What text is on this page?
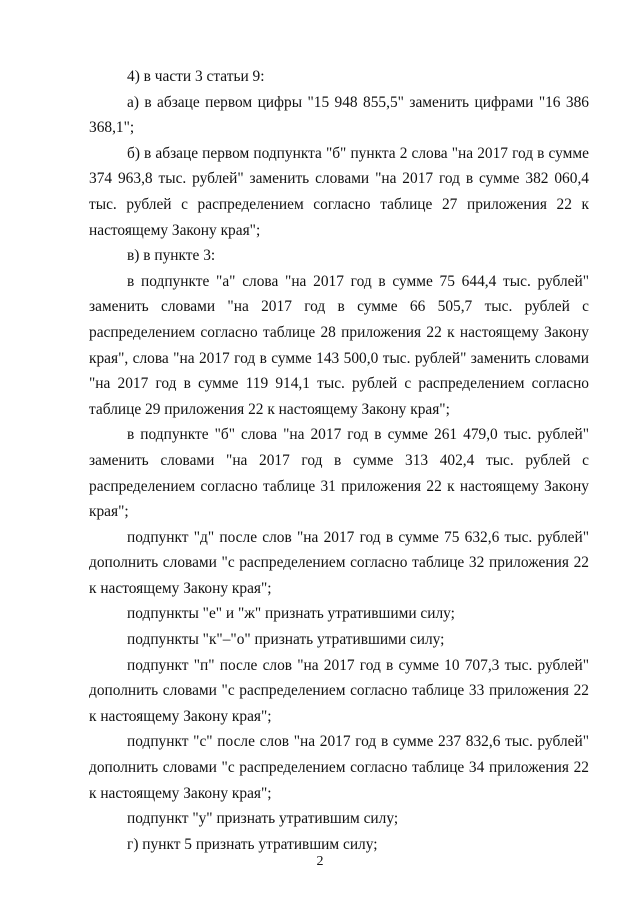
4) в части 3 статьи 9:

а) в абзаце первом цифры "15 948 855,5" заменить цифрами "16 386 368,1";

б) в абзаце первом подпункта "б" пункта 2 слова "на 2017 год в сумме 374 963,8 тыс. рублей" заменить словами "на 2017 год в сумме 382 060,4 тыс. рублей с распределением согласно таблице 27 приложения 22 к настоящему Закону края";

в) в пункте 3:

в подпункте "а" слова "на 2017 год в сумме 75 644,4 тыс. рублей" заменить словами "на 2017 год в сумме 66 505,7 тыс. рублей с распределением согласно таблице 28 приложения 22 к настоящему Закону края", слова "на 2017 год в сумме 143 500,0 тыс. рублей" заменить словами "на 2017 год в сумме 119 914,1 тыс. рублей с распределением согласно таблице 29 приложения 22 к настоящему Закону края";

в подпункте "б" слова "на 2017 год в сумме 261 479,0 тыс. рублей" заменить словами "на 2017 год в сумме 313 402,4 тыс. рублей с распределением согласно таблице 31 приложения 22 к настоящему Закону края";

подпункт "д" после слов "на 2017 год в сумме 75 632,6 тыс. рублей" дополнить словами "с распределением согласно таблице 32 приложения 22 к настоящему Закону края";

подпункты "е" и "ж" признать утратившими силу;

подпункты "к"–"о" признать утратившими силу;

подпункт "п" после слов "на 2017 год в сумме 10 707,3 тыс. рублей" дополнить словами "с распределением согласно таблице 33 приложения 22 к настоящему Закону края";

подпункт "с" после слов "на 2017 год в сумме 237 832,6 тыс. рублей" дополнить словами "с распределением согласно таблице 34 приложения 22 к настоящему Закону края";

подпункт "у" признать утратившим силу;

г) пункт 5 признать утратившим силу;

2
